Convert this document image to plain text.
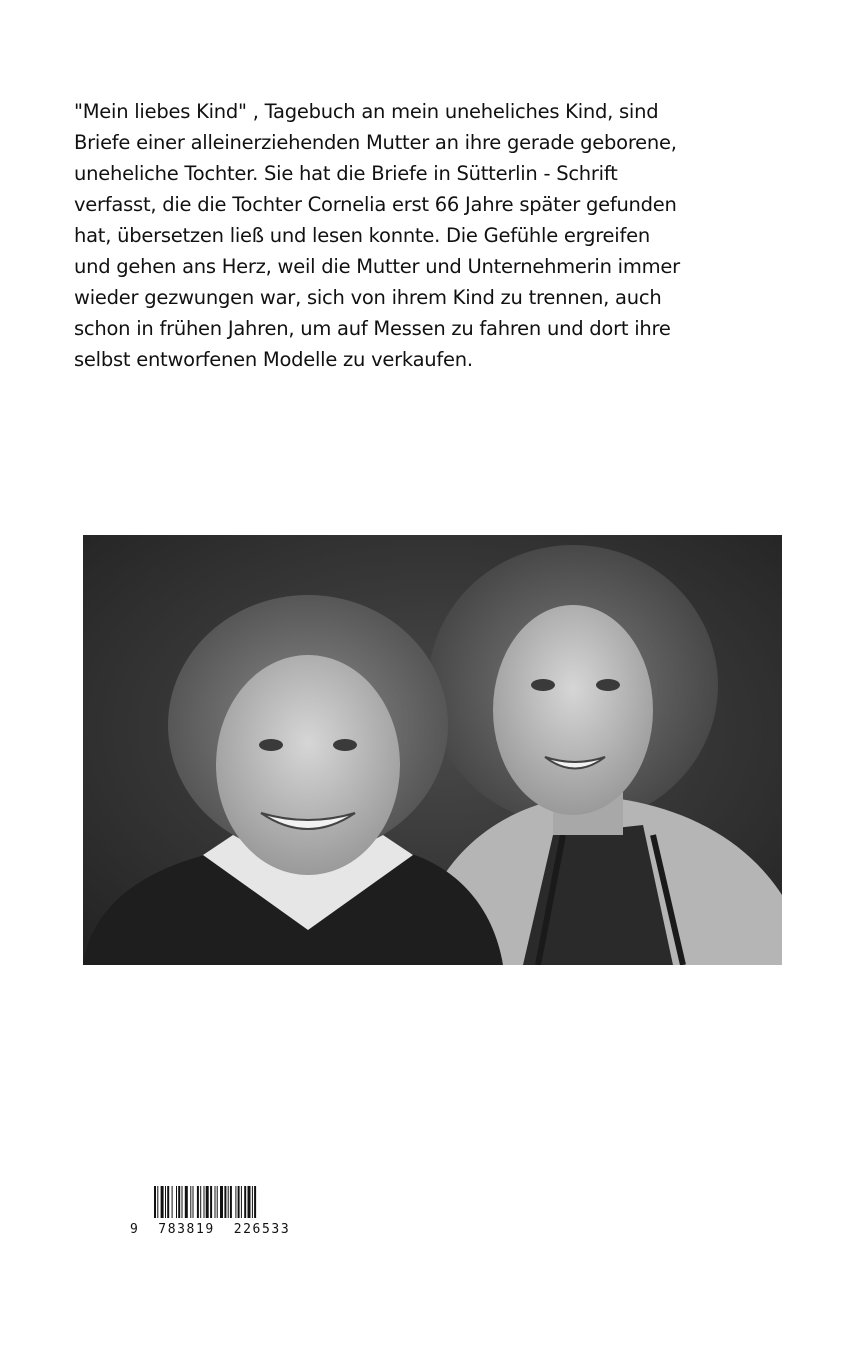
"Mein liebes Kind" , Tagebuch an mein uneheliches Kind, sind
Briefe einer alleinerziehenden Mutter an ihre gerade geborene,
uneheliche Tochter. Sie hat die Briefe in Sütterlin - Schrift
verfasst, die die Tochter Cornelia erst 66 Jahre später gefunden
hat, übersetzen ließ und lesen konnte. Die Gefühle ergreifen
und gehen ans Herz, weil die Mutter und Unternehmerin immer
wieder gezwungen war, sich von ihrem Kind zu trennen, auch
schon in frühen Jahren, um auf Messen zu fahren und dort ihre
selbst entworfenen Modelle zu verkaufen.
9  783819  226533
